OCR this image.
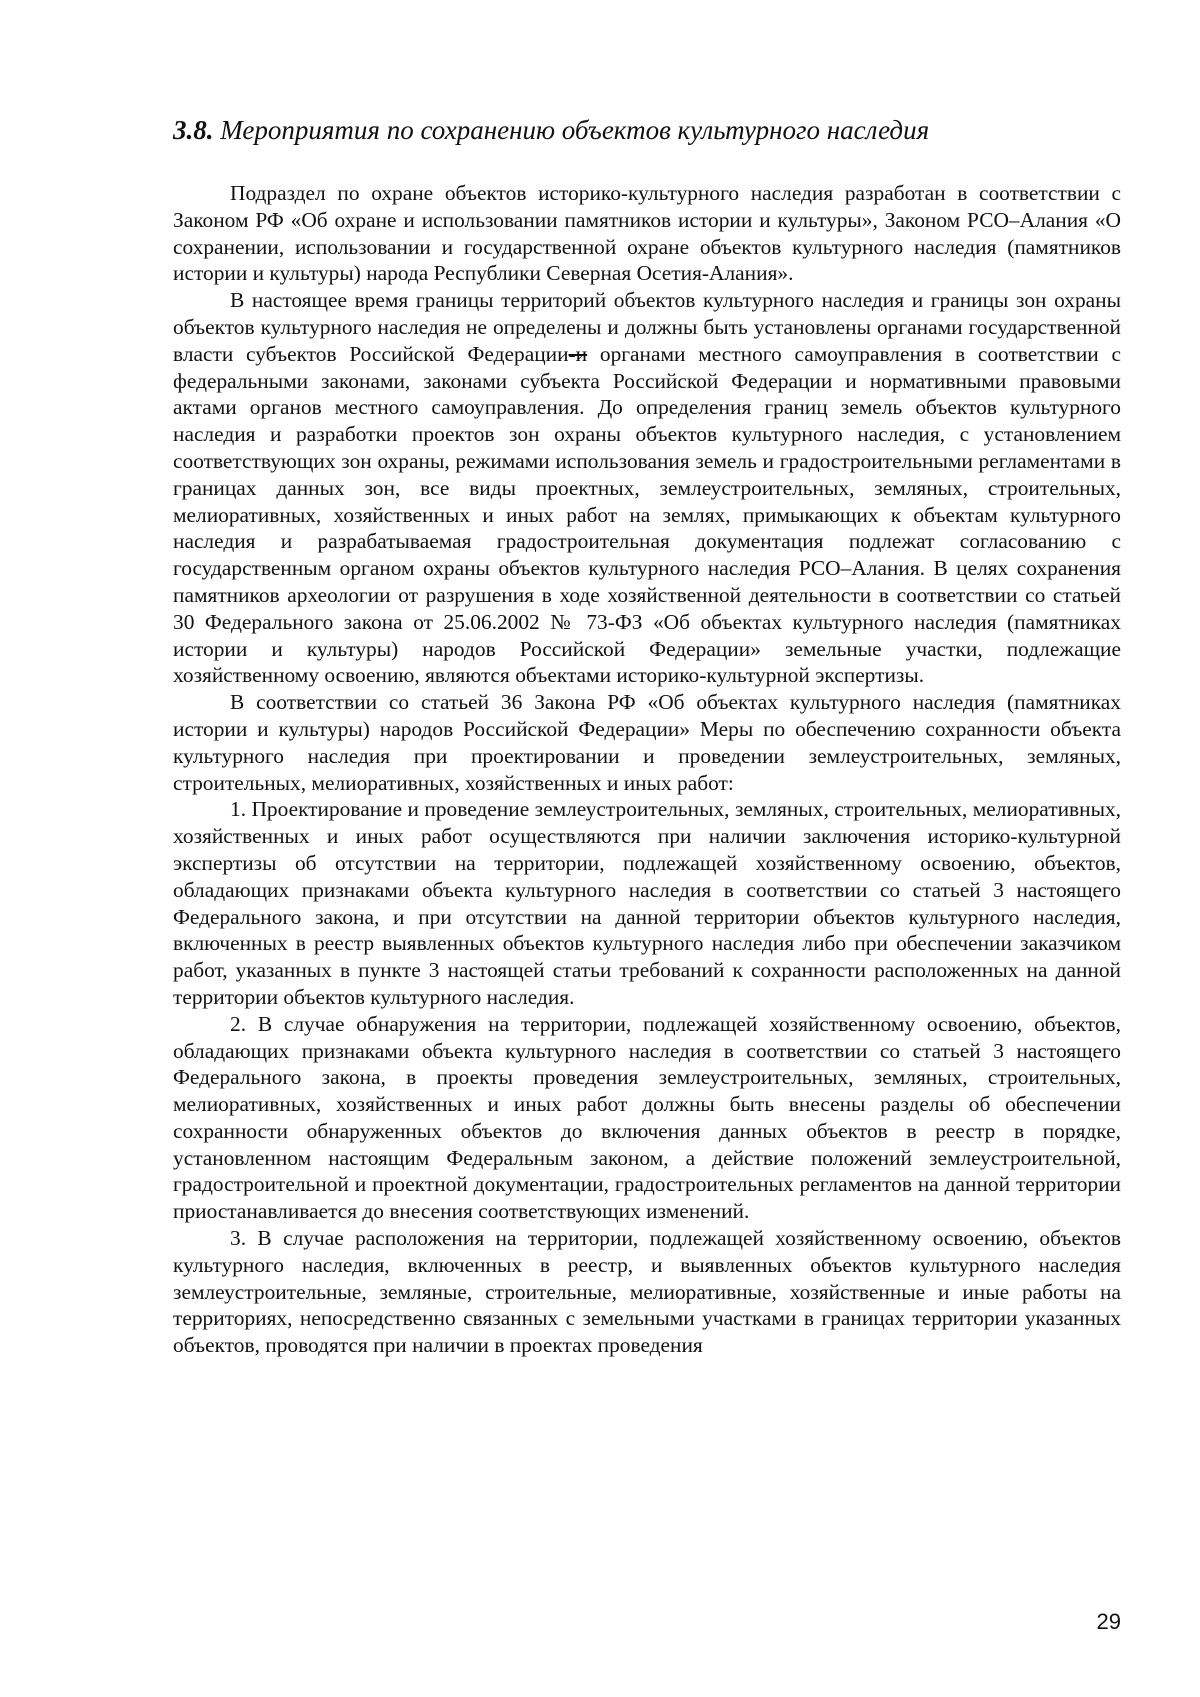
3.8. Мероприятия по сохранению объектов культурного наследия

Подраздел по охране объектов историко-культурного наследия разработан в соответствии с Законом РФ «Об охране и использовании памятников истории и культуры», Законом РСО–Алания «О сохранении, использовании и государственной охране объектов культурного наследия (памятников истории и культуры) народа Республики Северная Осетия-Алания».

В настоящее время границы территорий объектов культурного наследия и границы зон охраны объектов культурного наследия не определены и должны быть установлены органами государственной власти субъектов Российской Федерации-и органами местного самоуправления в соответствии с федеральными законами, законами субъекта Российской Федерации и нормативными правовыми актами органов местного самоуправления. До определения границ земель объектов культурного наследия и разработки проектов зон охраны объектов культурного наследия, с установлением соответствующих зон охраны, режимами использования земель и градостроительными регламентами в границах данных зон, все виды проектных, землеустроительных, земляных, строительных, мелиоративных, хозяйственных и иных работ на землях, примыкающих к объектам культурного наследия и разрабатываемая градостроительная документация подлежат согласованию с государственным органом охраны объектов культурного наследия РСО–Алания. В целях сохранения памятников археологии от разрушения в ходе хозяйственной деятельности в соответствии со статьей 30 Федерального закона от 25.06.2002 № 73-ФЗ «Об объектах культурного наследия (памятниках истории и культуры) народов Российской Федерации» земельные участки, подлежащие хозяйственному освоению, являются объектами историко-культурной экспертизы.

В соответствии со статьей 36 Закона РФ «Об объектах культурного наследия (памятниках истории и культуры) народов Российской Федерации» Меры по обеспечению сохранности объекта культурного наследия при проектировании и проведении землеустроительных, земляных, строительных, мелиоративных, хозяйственных и иных работ:

1. Проектирование и проведение землеустроительных, земляных, строительных, мелиоративных, хозяйственных и иных работ осуществляются при наличии заключения историко-культурной экспертизы об отсутствии на территории, подлежащей хозяйственному освоению, объектов, обладающих признаками объекта культурного наследия в соответствии со статьей 3 настоящего Федерального закона, и при отсутствии на данной территории объектов культурного наследия, включенных в реестр выявленных объектов культурного наследия либо при обеспечении заказчиком работ, указанных в пункте 3 настоящей статьи требований к сохранности расположенных на данной территории объектов культурного наследия.

2. В случае обнаружения на территории, подлежащей хозяйственному освоению, объектов, обладающих признаками объекта культурного наследия в соответствии со статьей 3 настоящего Федерального закона, в проекты проведения землеустроительных, земляных, строительных, мелиоративных, хозяйственных и иных работ должны быть внесены разделы об обеспечении сохранности обнаруженных объектов до включения данных объектов в реестр в порядке, установленном настоящим Федеральным законом, а действие положений землеустроительной, градостроительной и проектной документации, градостроительных регламентов на данной территории приостанавливается до внесения соответствующих изменений.

3. В случае расположения на территории, подлежащей хозяйственному освоению, объектов культурного наследия, включенных в реестр, и выявленных объектов культурного наследия землеустроительные, земляные, строительные, мелиоративные, хозяйственные и иные работы на территориях, непосредственно связанных с земельными участками в границах территории указанных объектов, проводятся при наличии в проектах проведения

29
